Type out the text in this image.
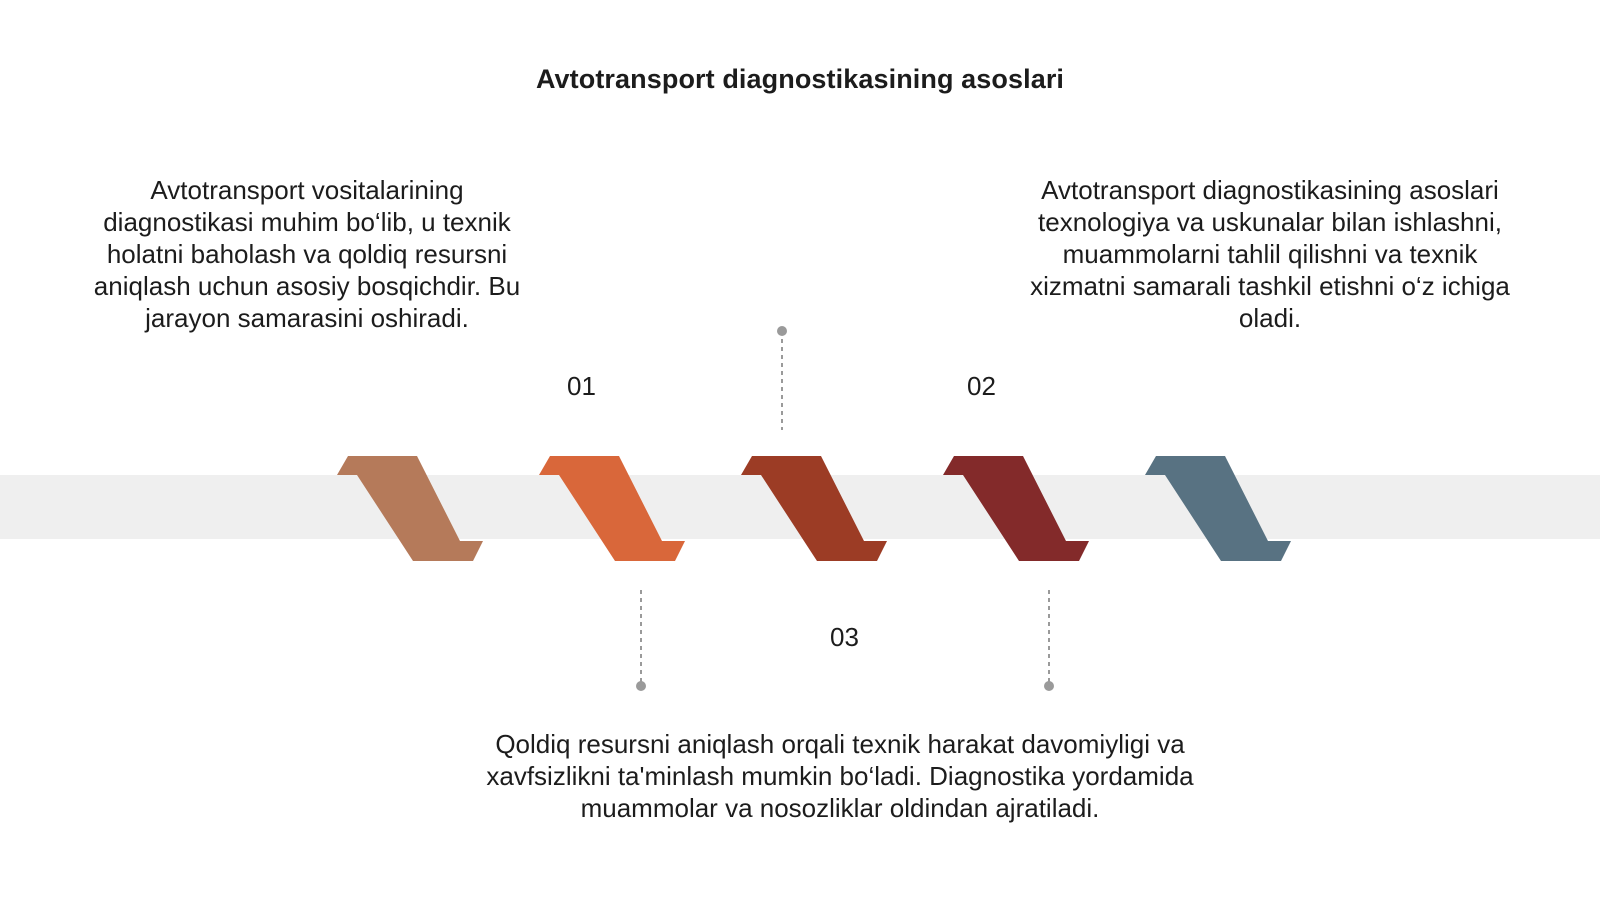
Avtotransport diagnostikasining asoslari
Avtotransport vositalarining diagnostikasi muhim bo‘lib, u texnik holatni baholash va qoldiq resursni aniqlash uchun asosiy bosqichdir. Bu jarayon samarasini oshiradi.
Avtotransport diagnostikasining asoslari texnologiya va uskunalar bilan ishlashni, muammolarni tahlil qilishni va texnik xizmatni samarali tashkil etishni o‘z ichiga oladi.
Qoldiq resursni aniqlash orqali texnik harakat davomiyligi va xavfsizlikni ta'minlash mumkin bo‘ladi. Diagnostika yordamida muammolar va nosozliklar oldindan ajratiladi.
01	02
03
